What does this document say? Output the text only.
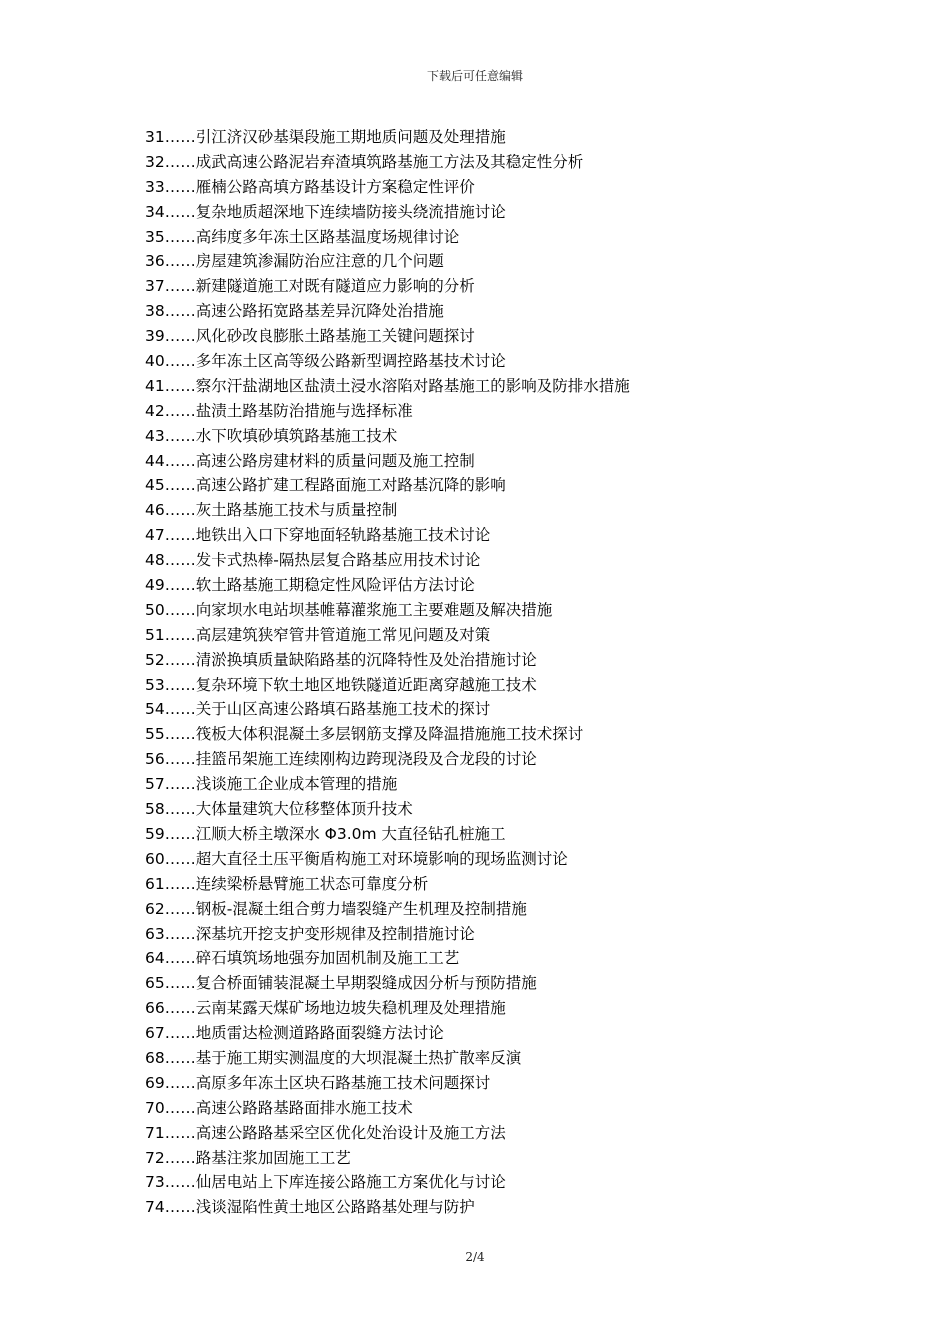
下载后可任意编辑
31……引江济汉砂基渠段施工期地质问题及处理措施
32……成武高速公路泥岩弃渣填筑路基施工方法及其稳定性分析
33……雁楠公路高填方路基设计方案稳定性评价
34……复杂地质超深地下连续墙防接头绕流措施讨论
35……高纬度多年冻土区路基温度场规律讨论
36……房屋建筑渗漏防治应注意的几个问题
37……新建隧道施工对既有隧道应力影响的分析
38……高速公路拓宽路基差异沉降处治措施
39……风化砂改良膨胀土路基施工关键问题探讨
40……多年冻土区高等级公路新型调控路基技术讨论
41……察尔汗盐湖地区盐渍土浸水溶陷对路基施工的影响及防排水措施
42……盐渍土路基防治措施与选择标准
43……水下吹填砂填筑路基施工技术
44……高速公路房建材料的质量问题及施工控制
45……高速公路扩建工程路面施工对路基沉降的影响
46……灰土路基施工技术与质量控制
47……地铁出入口下穿地面轻轨路基施工技术讨论
48……发卡式热棒-隔热层复合路基应用技术讨论
49……软土路基施工期稳定性风险评估方法讨论
50……向家坝水电站坝基帷幕灌浆施工主要难题及解决措施
51……高层建筑狭窄管井管道施工常见问题及对策
52……清淤换填质量缺陷路基的沉降特性及处治措施讨论
53……复杂环境下软土地区地铁隧道近距离穿越施工技术
54……关于山区高速公路填石路基施工技术的探讨
55……筏板大体积混凝土多层钢筋支撑及降温措施施工技术探讨
56……挂篮吊架施工连续刚构边跨现浇段及合龙段的讨论
57……浅谈施工企业成本管理的措施
58……大体量建筑大位移整体顶升技术
59……江顺大桥主墩深水 Φ3.0m 大直径钻孔桩施工
60……超大直径土压平衡盾构施工对环境影响的现场监测讨论
61……连续梁桥悬臂施工状态可靠度分析
62……钢板-混凝土组合剪力墙裂缝产生机理及控制措施
63……深基坑开挖支护变形规律及控制措施讨论
64……碎石填筑场地强夯加固机制及施工工艺
65……复合桥面铺装混凝土早期裂缝成因分析与预防措施
66……云南某露天煤矿场地边坡失稳机理及处理措施
67……地质雷达检测道路路面裂缝方法讨论
68……基于施工期实测温度的大坝混凝土热扩散率反演
69……高原多年冻土区块石路基施工技术问题探讨
70……高速公路路基路面排水施工技术
71……高速公路路基采空区优化处治设计及施工方法
72……路基注浆加固施工工艺
73……仙居电站上下库连接公路施工方案优化与讨论
74……浅谈湿陷性黄土地区公路路基处理与防护
2/4
